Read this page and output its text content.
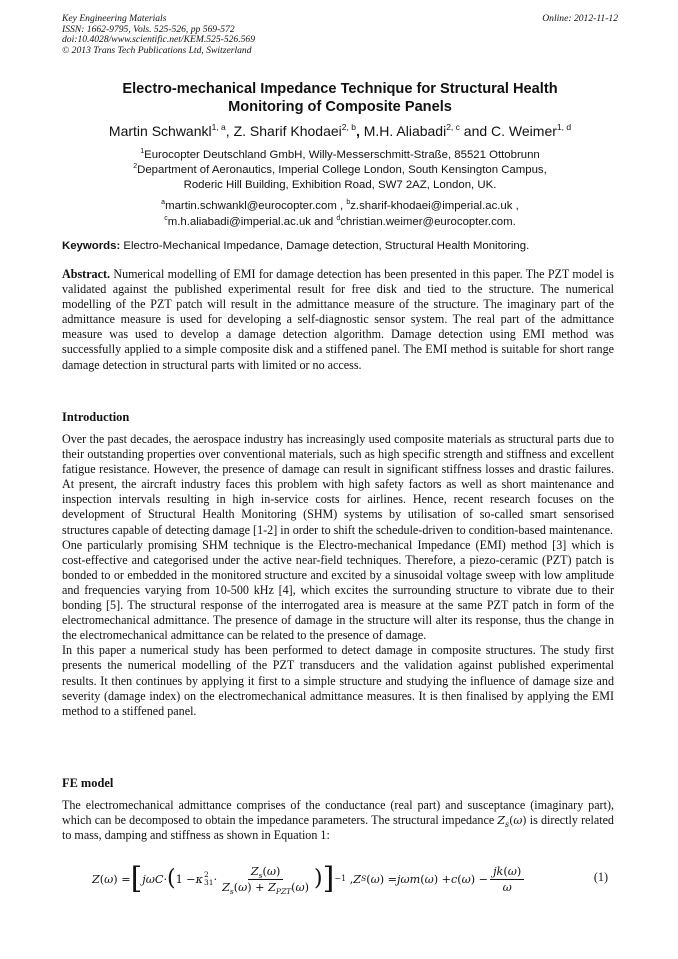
Key Engineering Materials
ISSN: 1662-9795, Vols. 525-526, pp 569-572
doi:10.4028/www.scientific.net/KEM.525-526.569
© 2013 Trans Tech Publications Ltd, Switzerland
Online: 2012-11-12
Electro-mechanical Impedance Technique for Structural Health
Monitoring of Composite Panels
Martin Schwankl$^{1, a}$, Z. Sharif Khodaei$^{2, b}$, M.H. Aliabadi$^{2, c}$ and C. Weimer$^{1, d}$
$^1$Eurocopter Deutschland GmbH, Willy-Messerschmitt-Straße, 85521 Ottobrunn
$^2$Department of Aeronautics, Imperial College London, South Kensington Campus,
Roderic Hill Building, Exhibition Road, SW7 2AZ, London, UK.
$^a$martin.schwankl@eurocopter.com , $^b$z.sharif-khodaei@imperial.ac.uk ,
$^c$m.h.aliabadi@imperial.ac.uk and $^d$christian.weimer@eurocopter.com.
Keywords: Electro-Mechanical Impedance, Damage detection, Structural Health Monitoring.
Abstract. Numerical modelling of EMI for damage detection has been presented in this paper. The PZT model is validated against the published experimental result for free disk and tied to the structure. The numerical modelling of the PZT patch will result in the admittance measure of the structure. The imaginary part of the admittance measure is used for developing a self-diagnostic sensor system. The real part of the admittance measure was used to develop a damage detection algorithm. Damage detection using EMI method was successfully applied to a simple composite disk and a stiffened panel. The EMI method is suitable for short range damage detection in structural parts with limited or no access.
Introduction

Over the past decades, the aerospace industry has increasingly used composite materials as structural parts due to their outstanding properties over conventional materials, such as high specific strength and stiffness and excellent fatigue resistance. However, the presence of damage can result in significant stiffness losses and drastic failures. At present, the aircraft industry faces this problem with high safety factors as well as short maintenance and inspection intervals resulting in high in-service costs for airlines. Hence, recent research focuses on the development of Structural Health Monitoring (SHM) systems by utilisation of so-called smart sensorised structures capable of detecting damage [1-2] in order to shift the schedule-driven to condition-based maintenance.

One particularly promising SHM technique is the Electro-mechanical Impedance (EMI) method [3] which is cost-effective and categorised under the active near-field techniques. Therefore, a piezo-ceramic (PZT) patch is bonded to or embedded in the monitored structure and excited by a sinusoidal voltage sweep with low amplitude and frequencies varying from 10-500 kHz [4], which excites the surrounding structure to vibrate due to their bonding [5]. The structural response of the interrogated area is measure at the same PZT patch in form of the electromechanical admittance. The presence of damage in the structure will alter its response, thus the change in the electromechanical admittance can be related to the presence of damage.

In this paper a numerical study has been performed to detect damage in composite structures. The study first presents the numerical modelling of the PZT transducers and the validation against published experimental results. It then continues by applying it first to a simple structure and studying the influence of damage size and severity (damage index) on the electromechanical admittance measures. It is then finalised by applying the EMI method to a stiffened panel.

FE model
The electromechanical admittance comprises of the conductance (real part) and susceptance (imaginary part), which can be decomposed to obtain the impedance parameters. The structural impedance $Z_s(\omega)$ is directly related to mass, damping and stiffness as shown in Equation 1:
Z ( ω ) = [ jωC · ( 1 − κ 2
$31 \cdot \frac{Z_s(\omega)}{Z_s(\omega) + Z_{PZT}(\omega)}$ ) ] −1 , Z S ( ω ) = jωm ( ω ) + c ( ω ) − $\frac{jk(\omega)}{\omega}$	(1)
